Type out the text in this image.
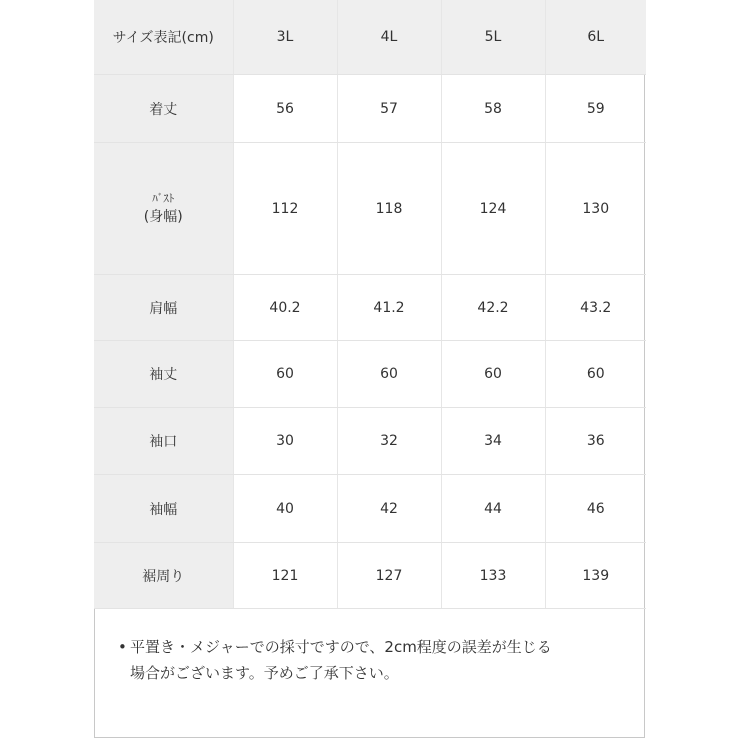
サイズ表記(cm)	3L	4L	5L	6L
着丈	56	57	58	59

ﾊﾞｽﾄ
(身幅)	112	118	124	130
肩幅	40.2	41.2	42.2	43.2
袖丈	60	60	60	60
袖口	30	32	34	36
袖幅	40	42	44	46
裾周り	121	127	133	139
• 平置き・メジャーでの採寸ですので、2cm程度の誤差が生じる
場合がございます。予めご了承下さい。
